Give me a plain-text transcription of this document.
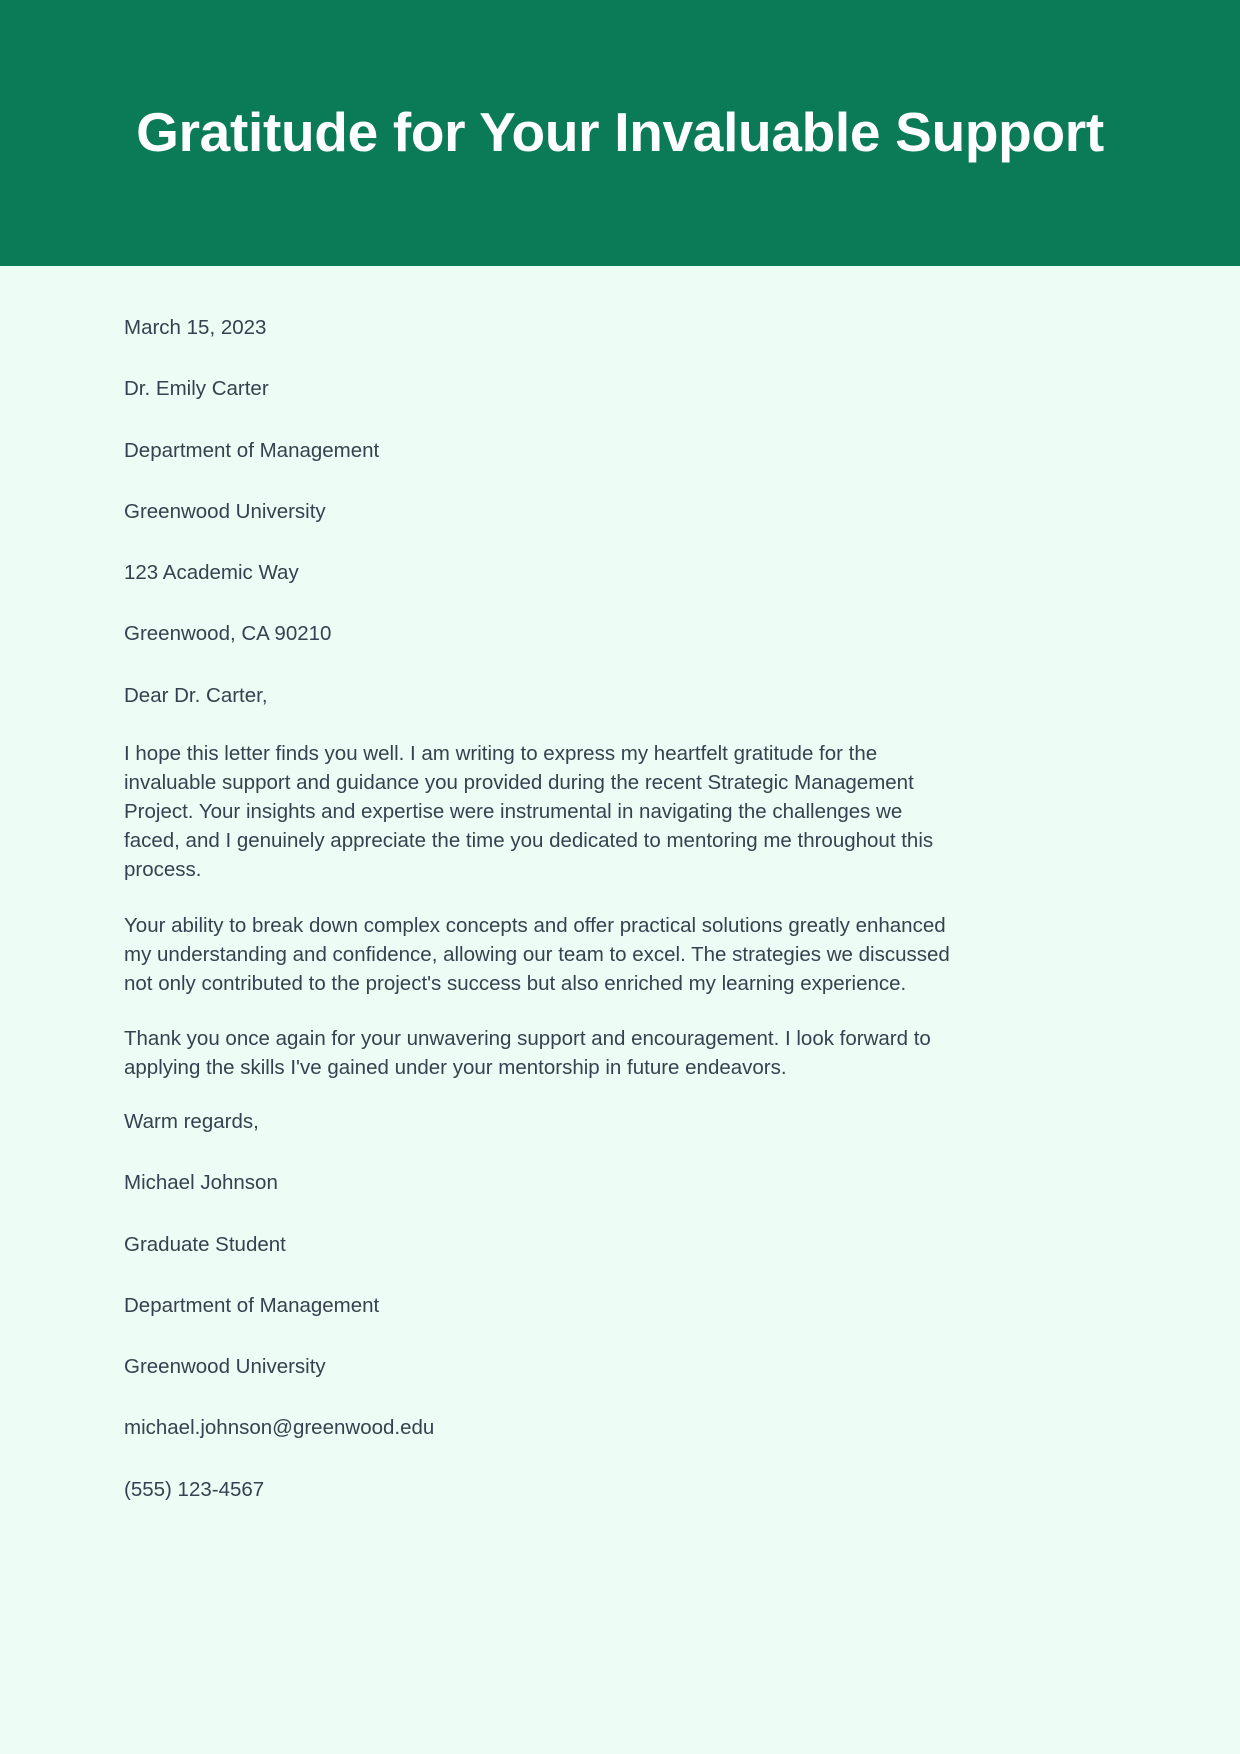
Gratitude for Your Invaluable Support

March 15, 2023

Dr. Emily Carter

Department of Management

Greenwood University

123 Academic Way

Greenwood, CA 90210

Dear Dr. Carter,

I hope this letter finds you well. I am writing to express my heartfelt gratitude for the invaluable support and guidance you provided during the recent Strategic Management Project. Your insights and expertise were instrumental in navigating the challenges we faced, and I genuinely appreciate the time you dedicated to mentoring me throughout this process.

Your ability to break down complex concepts and offer practical solutions greatly enhanced my understanding and confidence, allowing our team to excel. The strategies we discussed not only contributed to the project's success but also enriched my learning experience.

Thank you once again for your unwavering support and encouragement. I look forward to applying the skills I've gained under your mentorship in future endeavors.

Warm regards,

Michael Johnson

Graduate Student

Department of Management

Greenwood University

michael.johnson@greenwood.edu

(555) 123-4567
